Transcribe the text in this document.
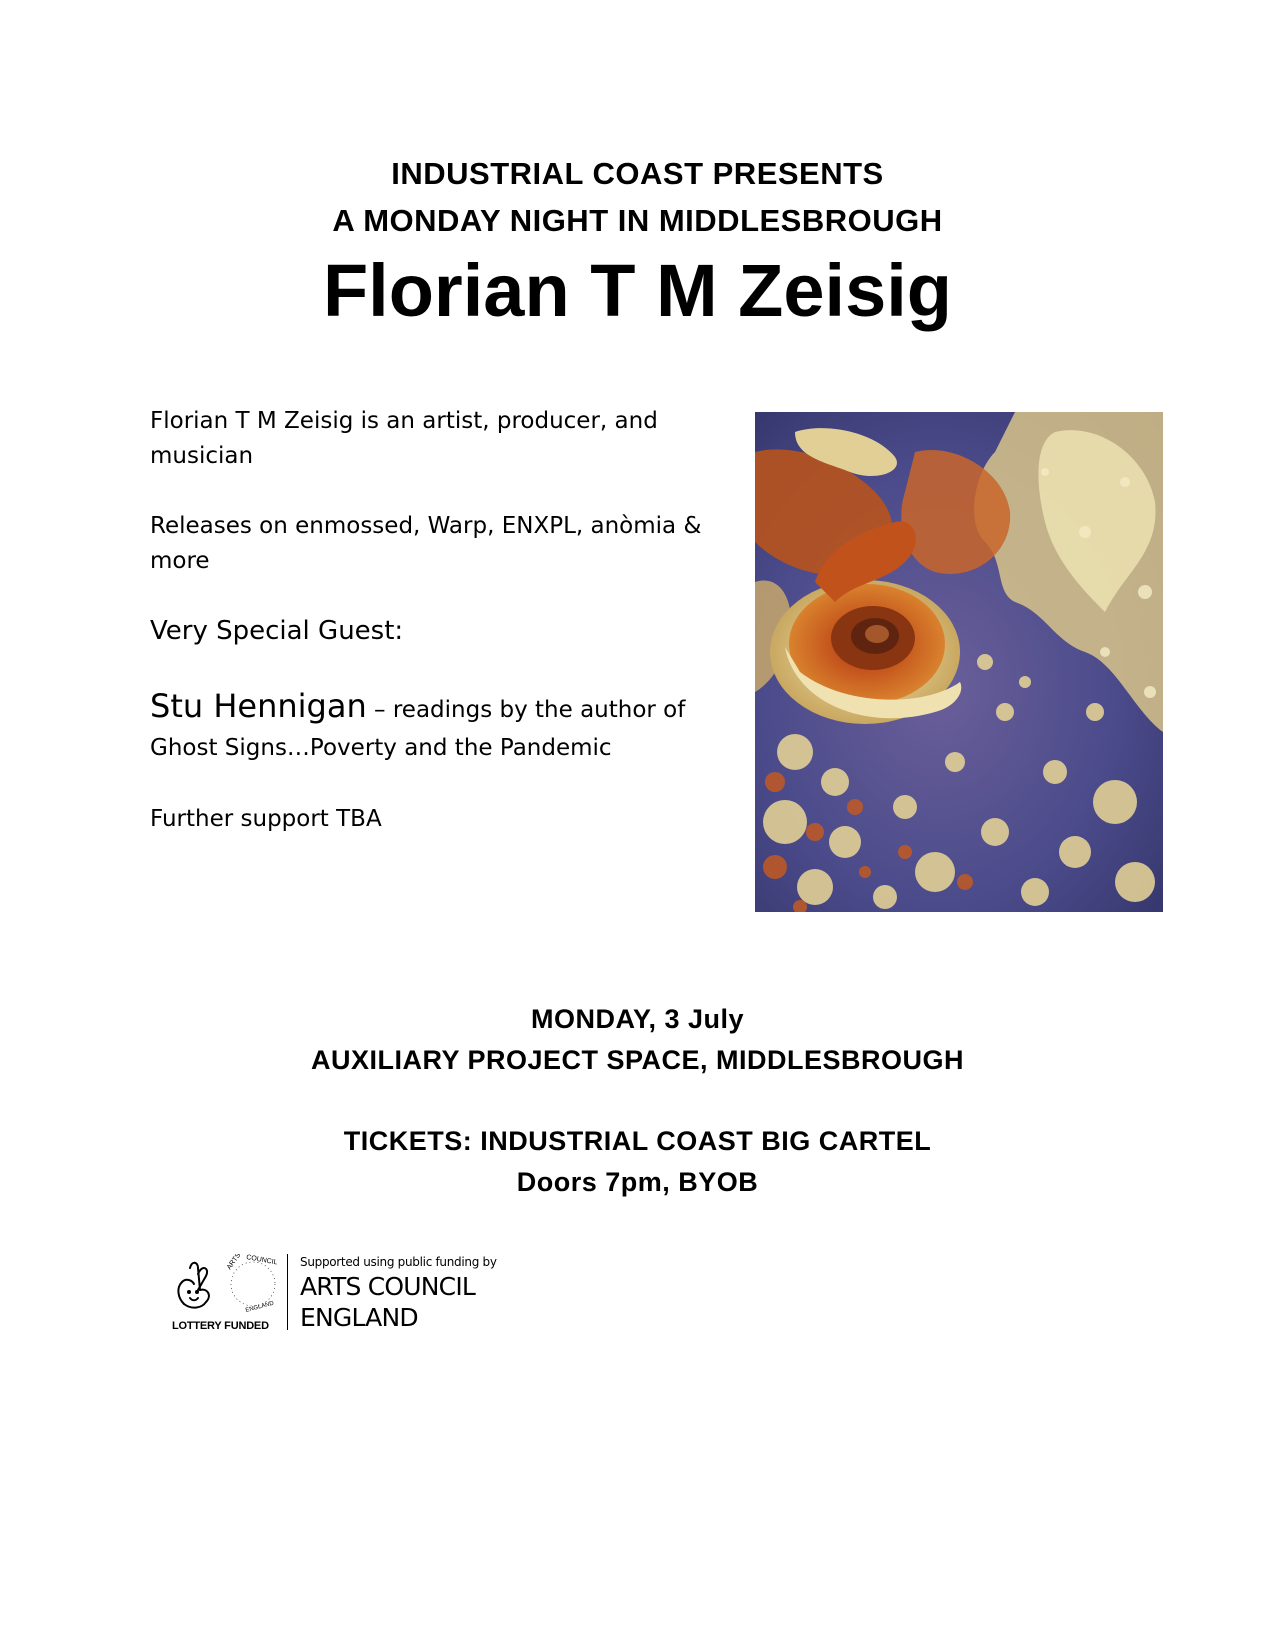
INDUSTRIAL COAST PRESENTS
A MONDAY NIGHT IN MIDDLESBROUGH
Florian T M Zeisig

Florian T M Zeisig is an artist, producer, and musician

Releases on enmossed, Warp, ENXPL, anòmia & more

Very Special Guest:

Stu Hennigan – readings by the author of Ghost Signs…Poverty and the Pandemic

Further support TBA

MONDAY, 3 July
AUXILIARY PROJECT SPACE, MIDDLESBROUGH
TICKETS: INDUSTRIAL COAST BIG CARTEL
Doors 7pm, BYOB
ARTS COUNCIL
ENGLAND
LOTTERY FUNDED
Supported using public funding by
ARTS COUNCIL
ENGLAND
